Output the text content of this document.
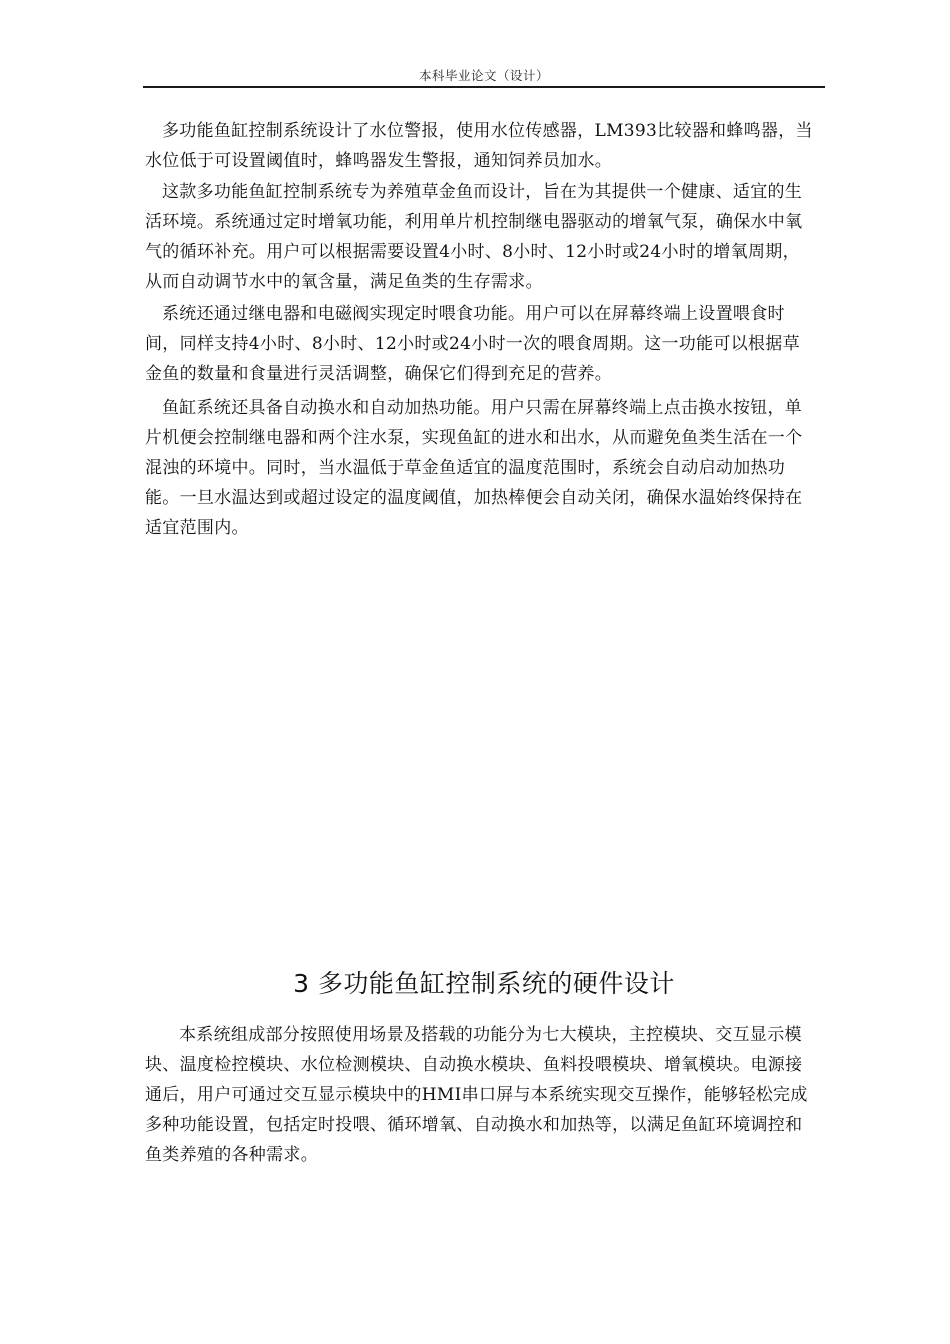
本科毕业论文（设计）

多功能鱼缸控制系统设计了水位警报，使用水位传感器，LM393比较器和蜂鸣器，当水位低于可设置阈值时，蜂鸣器发生警报，通知饲养员加水。

这款多功能鱼缸控制系统专为养殖草金鱼而设计，旨在为其提供一个健康、适宜的生活环境。系统通过定时增氧功能，利用单片机控制继电器驱动的增氧气泵，确保水中氧气的循环补充。用户可以根据需要设置4小时、8小时、12小时或24小时的增氧周期，从而自动调节水中的氧含量，满足鱼类的生存需求。

系统还通过继电器和电磁阀实现定时喂食功能。用户可以在屏幕终端上设置喂食时间，同样支持4小时、8小时、12小时或24小时一次的喂食周期。这一功能可以根据草金鱼的数量和食量进行灵活调整，确保它们得到充足的营养。

鱼缸系统还具备自动换水和自动加热功能。用户只需在屏幕终端上点击换水按钮，单片机便会控制继电器和两个注水泵，实现鱼缸的进水和出水，从而避免鱼类生活在一个混浊的环境中。同时，当水温低于草金鱼适宜的温度范围时，系统会自动启动加热功能。一旦水温达到或超过设定的温度阈值，加热棒便会自动关闭，确保水温始终保持在适宜范围内。

3 多功能鱼缸控制系统的硬件设计

本系统组成部分按照使用场景及搭载的功能分为七大模块，主控模块、交互显示模块、温度检控模块、水位检测模块、自动换水模块、鱼料投喂模块、增氧模块。电源接通后，用户可通过交互显示模块中的HMI串口屏与本系统实现交互操作，能够轻松完成多种功能设置，包括定时投喂、循环增氧、自动换水和加热等，以满足鱼缸环境调控和鱼类养殖的各种需求。
